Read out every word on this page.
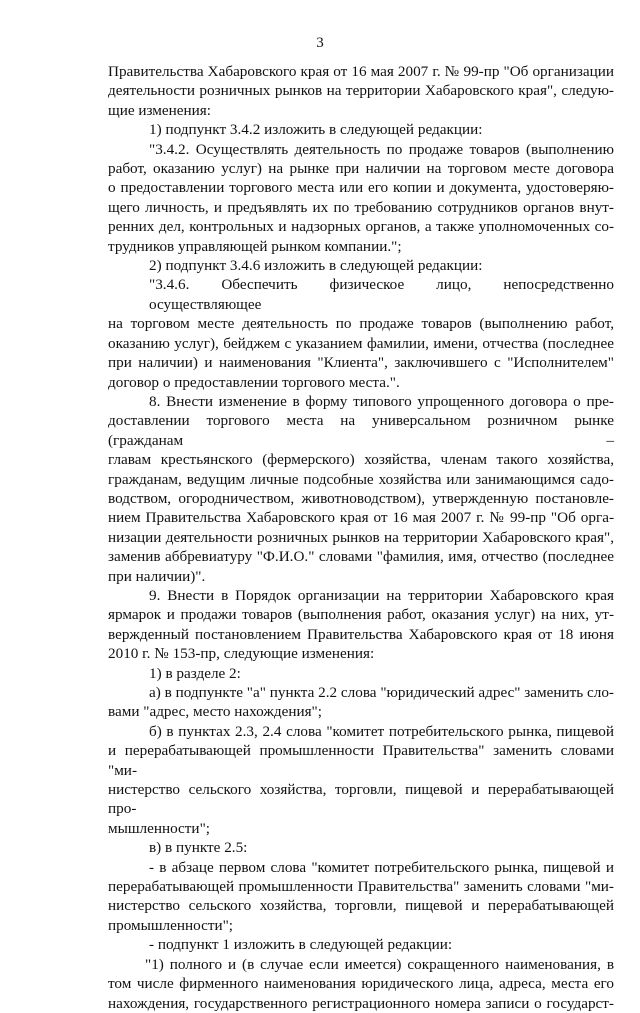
3
Правительства Хабаровского края от 16 мая 2007 г. № 99-пр "Об организации
деятельности розничных рынков на территории Хабаровского края", следую-
щие изменения:
1) подпункт 3.4.2 изложить в следующей редакции:
"3.4.2. Осуществлять деятельность по продаже товаров (выполнению
работ, оказанию услуг) на рынке при наличии на торговом месте договора
о предоставлении торгового места или его копии и документа, удостоверяю-
щего личность, и предъявлять их по требованию сотрудников органов внут-
ренних дел, контрольных и надзорных органов, а также уполномоченных со-
трудников управляющей рынком компании.";
2) подпункт 3.4.6 изложить в следующей редакции:
"3.4.6. Обеспечить физическое лицо, непосредственно осуществляющее
на торговом месте деятельность по продаже товаров (выполнению работ,
оказанию услуг), бейджем с указанием фамилии, имени, отчества (последнее
при наличии) и наименования "Клиента", заключившего с "Исполнителем"
договор о предоставлении торгового места.".
8. Внести изменение в форму типового упрощенного договора о пре-
доставлении торгового места на универсальном розничном рынке (гражданам –
главам крестьянского (фермерского) хозяйства, членам такого хозяйства,
гражданам, ведущим личные подсобные хозяйства или занимающимся садо-
водством, огородничеством, животноводством), утвержденную постановле-
нием Правительства Хабаровского края от 16 мая 2007 г. № 99-пр "Об орга-
низации деятельности розничных рынков на территории Хабаровского края",
заменив аббревиатуру "Ф.И.О." словами "фамилия, имя, отчество (последнее
при наличии)".
9. Внести в Порядок организации на территории Хабаровского края
ярмарок и продажи товаров (выполнения работ, оказания услуг) на них, ут-
вержденный постановлением Правительства Хабаровского края от 18 июня
2010 г. № 153-пр, следующие изменения:
1) в разделе 2:
а) в подпункте "а" пункта 2.2 слова "юридический адрес" заменить сло-
вами "адрес, место нахождения";
б) в пунктах 2.3, 2.4 слова "комитет потребительского рынка, пищевой
и перерабатывающей промышленности Правительства" заменить словами "ми-
нистерство сельского хозяйства, торговли, пищевой и перерабатывающей про-
мышленности";
в) в пункте 2.5:
- в абзаце первом слова "комитет потребительского рынка, пищевой и
перерабатывающей промышленности Правительства" заменить словами "ми-
нистерство сельского хозяйства, торговли, пищевой и перерабатывающей
промышленности";
- подпункт 1 изложить в следующей редакции:
"1) полного и (в случае если имеется) сокращенного наименования, в
том числе фирменного наименования юридического лица, адреса, места его
нахождения, государственного регистрационного номера записи о государст-
